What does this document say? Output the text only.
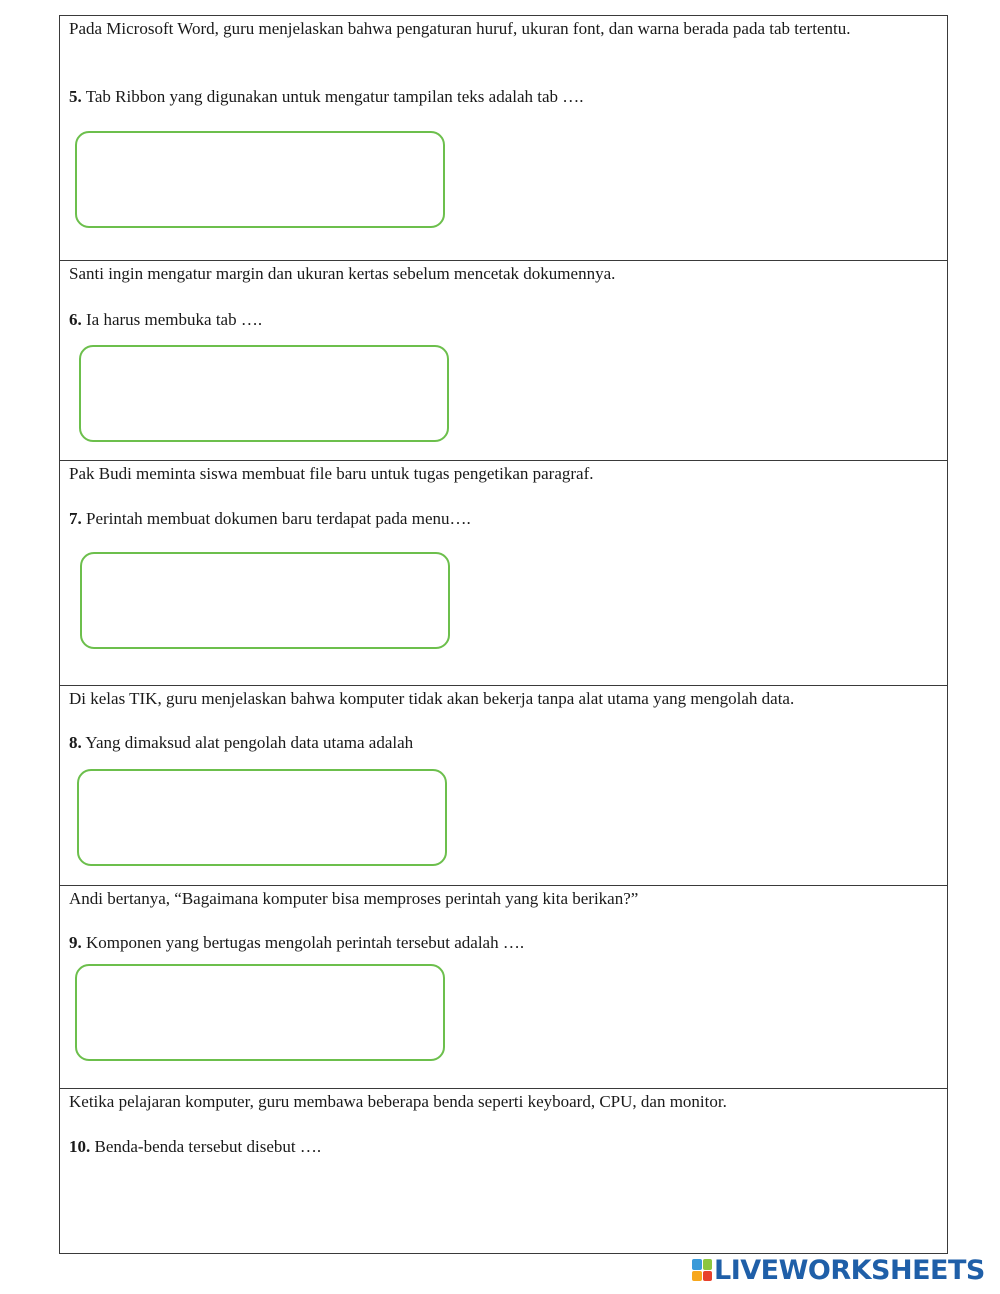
Pada Microsoft Word, guru menjelaskan bahwa pengaturan huruf, ukuran font, dan warna berada pada tab tertentu.
5. Tab Ribbon yang digunakan untuk mengatur tampilan teks adalah tab ….
Santi ingin mengatur margin dan ukuran kertas sebelum mencetak dokumennya.
6. Ia harus membuka tab ….
Pak Budi meminta siswa membuat file baru untuk tugas pengetikan paragraf.
7. Perintah membuat dokumen baru terdapat pada menu….
Di kelas TIK, guru menjelaskan bahwa komputer tidak akan bekerja tanpa alat utama yang mengolah data.
8. Yang dimaksud alat pengolah data utama adalah
Andi bertanya, “Bagaimana komputer bisa memproses perintah yang kita berikan?”
9. Komponen yang bertugas mengolah perintah tersebut adalah ….
Ketika pelajaran komputer, guru membawa beberapa benda seperti keyboard, CPU, dan monitor.
10. Benda-benda tersebut disebut ….
LIVEWORKSHEETS
